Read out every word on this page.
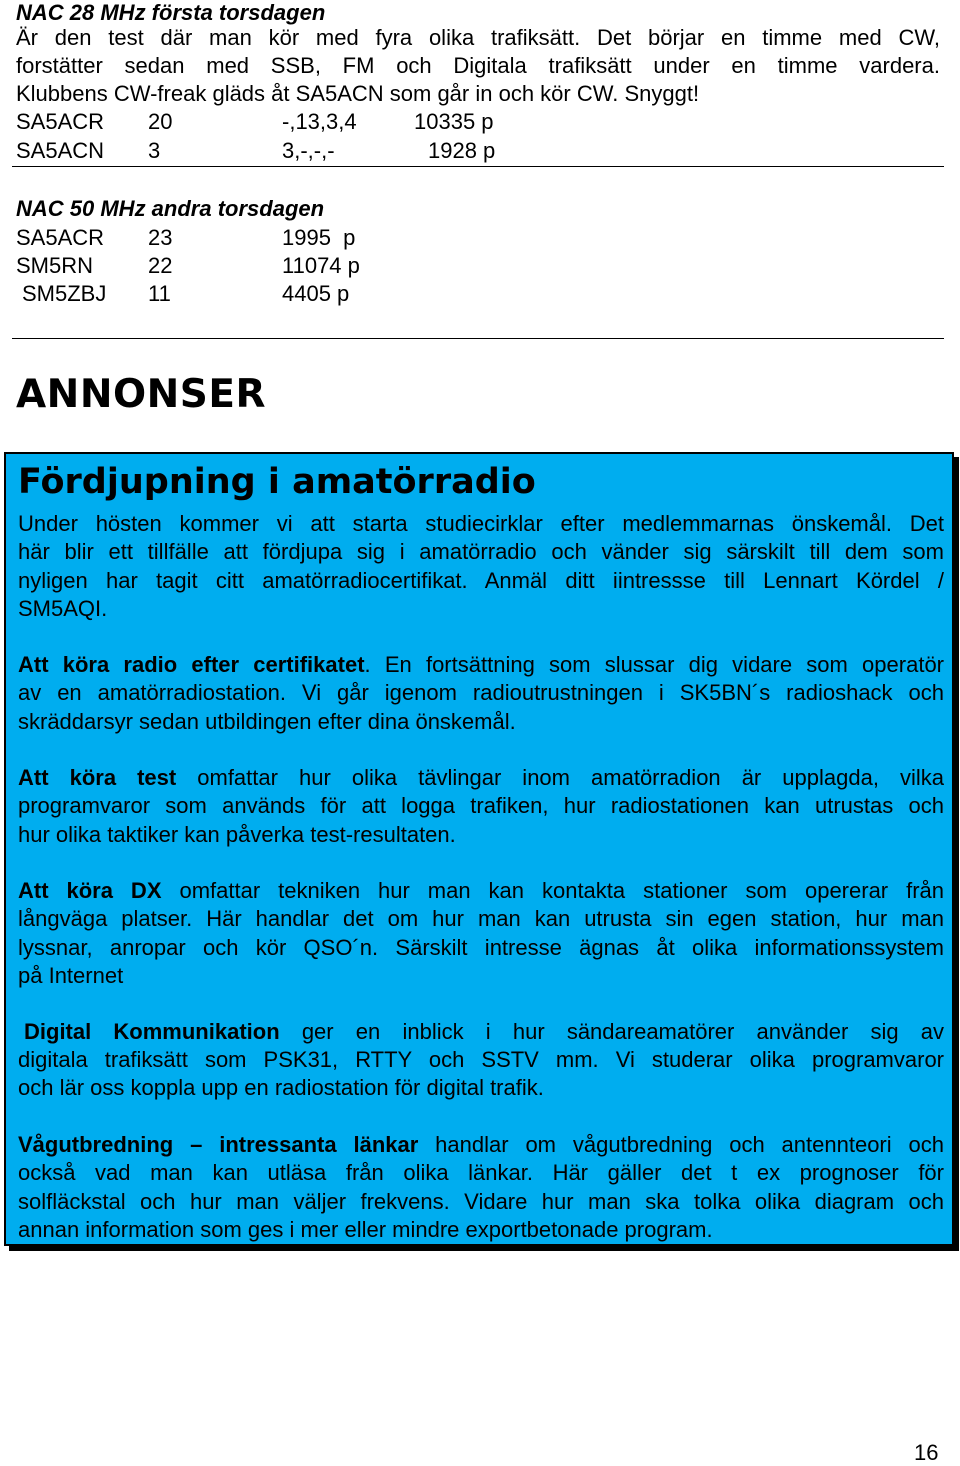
NAC 28 MHz första torsdagen
Är den test där man kör med fyra olika trafiksätt. Det börjar en timme med CW,
forstätter sedan med SSB, FM och Digitala trafiksätt under en timme vardera.
Klubbens CW-freak gläds åt SA5ACN som går in och kör CW. Snyggt!
SA5ACR 20	-,13,3,4	10335 p
SA5ACN 3	3,-,-,-	1928 p
NAC 50 MHz andra torsdagen
SA5ACR 23	1995  p
SM5RN 22	11074 p
SM5ZBJ 11	4405 p
ANNONSER
Fördjupning i amatörradio
Under hösten kommer vi att starta studiecirklar efter medlemmarnas önskemål. Det
här blir ett tillfälle att fördjupa sig i amatörradio och vänder sig särskilt till dem som
nyligen har tagit citt amatörradiocertifikat. Anmäl ditt iintressse till Lennart Kördel /
SM5AQI.
Att köra radio efter certifikatet. En fortsättning som slussar dig vidare som operatör
av en amatörradiostation. Vi går igenom radioutrustningen i SK5BN´s radioshack och
skräddarsyr sedan utbildingen efter dina önskemål.
Att köra test omfattar hur olika tävlingar inom amatörradion är upplagda, vilka
programvaror som används för att logga trafiken, hur radiostationen kan utrustas och
hur olika taktiker kan påverka test-resultaten.
Att köra DX omfattar tekniken hur man kan kontakta stationer som opererar från
långväga platser. Här handlar det om hur man kan utrusta sin egen station, hur man
lyssnar, anropar och kör QSO´n. Särskilt intresse ägnas åt olika informationssystem
på Internet
Digital Kommunikation ger en inblick i hur sändareamatörer använder sig av
digitala trafiksätt som PSK31, RTTY och SSTV mm. Vi studerar olika programvaror
och lär oss koppla upp en radiostation för digital trafik.
Vågutbredning – intressanta länkar handlar om vågutbredning och antennteori och
också vad man kan utläsa från olika länkar. Här gäller det t ex prognoser för
solfläckstal och hur man väljer frekvens. Vidare hur man ska tolka olika diagram och
annan information som ges i mer eller mindre exportbetonade program.
16
